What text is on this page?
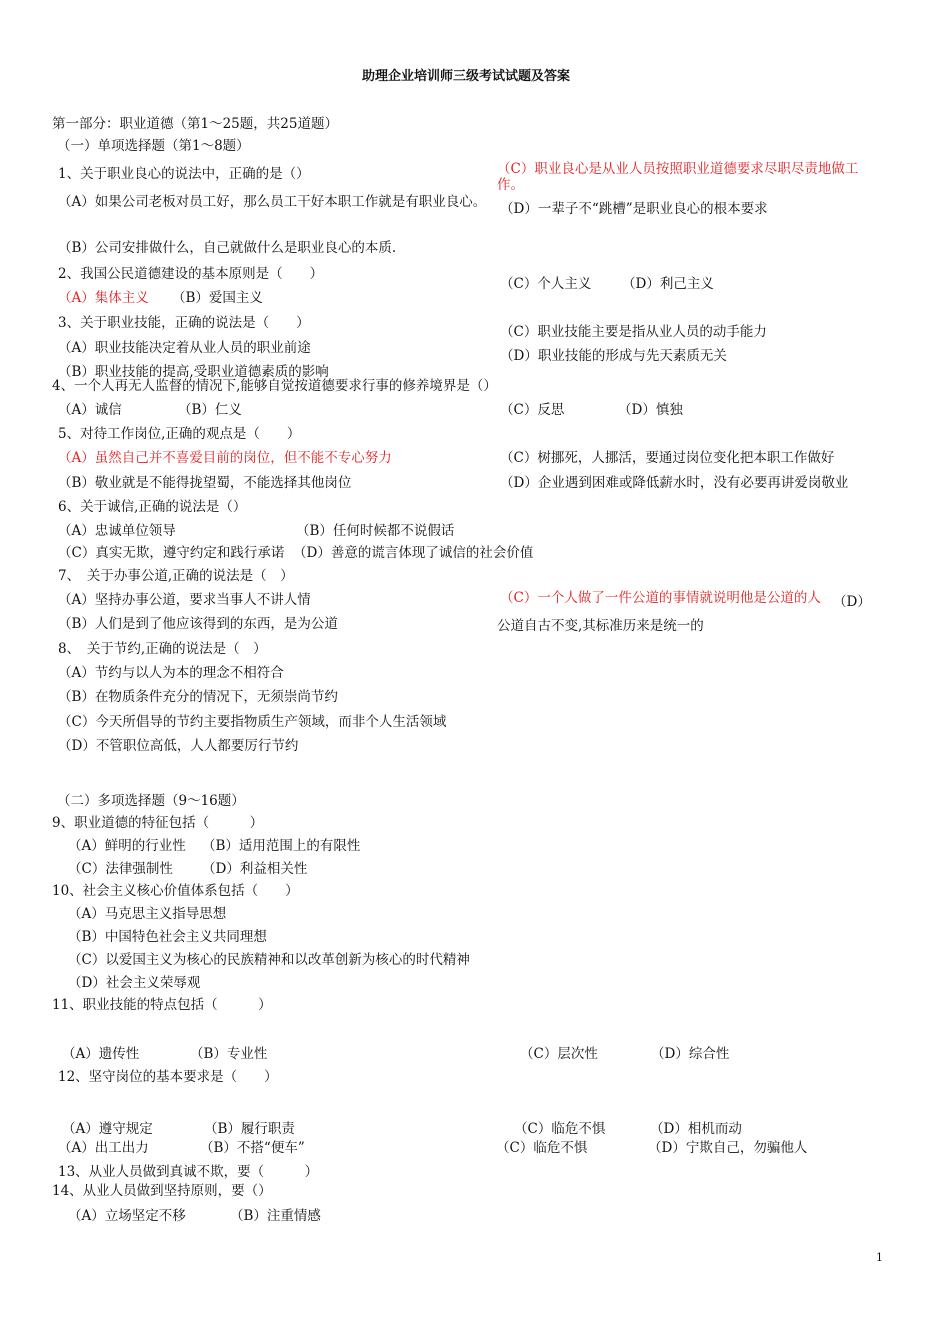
助理企业培训师三级考试试题及答案
第一部分：职业道德（第1～25题，共25道题）
（一）单项选择题（第1～8题）
1、关于职业良心的说法中，正确的是（）
（A）如果公司老板对员工好，那么员工干好本职工作就是有职业良心。
（B）公司安排做什么，自己就做什么是职业良心的本质.
（C）职业良心是从业人员按照职业道德要求尽职尽责地做工作。
（D）一辈子不“跳槽”是职业良心的根本要求
2、我国公民道德建设的基本原则是（　　）
（A）集体主义 （B）爱国主义
（C）个人主义 （D）利己主义
3、关于职业技能，正确的说法是（　　）
（A）职业技能决定着从业人员的职业前途
（B）职业技能的提高,受职业道德素质的影响
（C）职业技能主要是指从业人员的动手能力
（D）职业技能的形成与先天素质无关
4、一个人再无人监督的情况下,能够自觉按道德要求行事的修养境界是（）
（A）诚信	（B）仁义	（C）反思	（D）慎独
5、对待工作岗位,正确的观点是（　　）
（A）虽然自己并不喜爱目前的岗位，但不能不专心努力
（B）敬业就是不能得拢望蜀，不能选择其他岗位
（C）树挪死，人挪活，要通过岗位变化把本职工作做好
（D）企业遇到困难或降低薪水时，没有必要再讲爱岗敬业
6、关于诚信,正确的说法是（）
（A）忠诚单位领导	（B）任何时候都不说假话
（C）真实无欺，遵守约定和践行承诺 （D）善意的谎言体现了诚信的社会价值
7、　关于办事公道,正确的说法是（　）
（A）坚持办事公道，要求当事人不讲人情
（B）人们是到了他应该得到的东西，是为公道
（C）一个人做了一件公道的事情就说明他是公道的人 （D）公道自古不变,其标准历来是统一的
8、　关于节约,正确的说法是（　）
（A）节约与以人为本的理念不相符合
（B）在物质条件充分的情况下，无须崇尚节约
（C）今天所倡导的节约主要指物质生产领域，而非个人生活领域
（D）不管职位高低，人人都要厉行节约
（二）多项选择题（9～16题）
9、职业道德的特征包括（　　　）
（A）鲜明的行业性 （B）适用范围上的有限性
（C）法律强制性 （D）利益相关性
10、社会主义核心价值体系包括（　　）
（A）马克思主义指导思想
（B）中国特色社会主义共同理想
（C）以爱国主义为核心的民族精神和以改革创新为核心的时代精神
（D）社会主义荣辱观
11、职业技能的特点包括（　　　）
（A）遗传性	（B）专业性	（C）层次性	（D）综合性
12、坚守岗位的基本要求是（　　）
（A）遵守规定	（B）履行职责	（C）临危不惧	（D）相机而动
（A）出工出力	（B）不搭“便车”	（C）临危不惧	（D）宁欺自己，勿骗他人
13、从业人员做到真诚不欺，要（　　　）
14、从业人员做到坚持原则，要（）
（A）立场坚定不移	（B）注重情感
1
